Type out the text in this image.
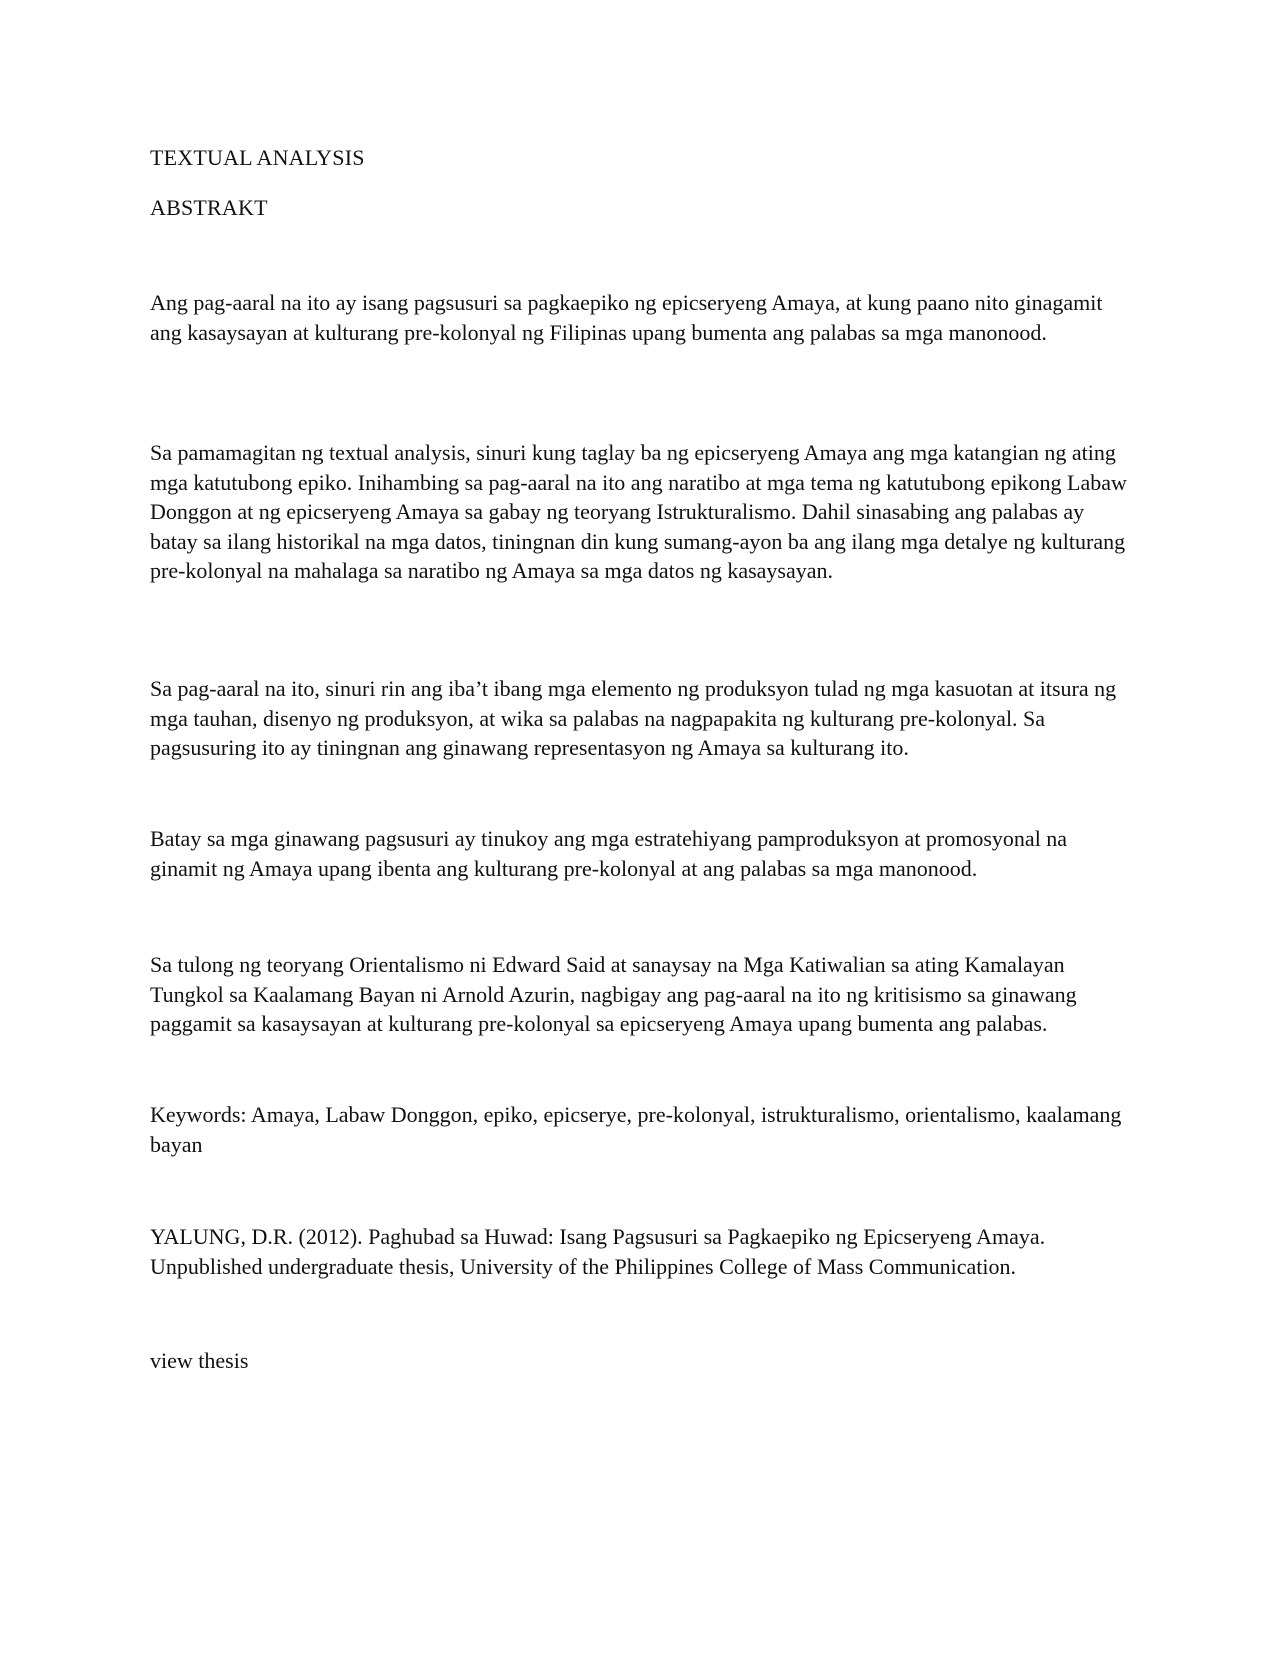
TEXTUAL ANALYSIS

ABSTRAKT

Ang pag-aaral na ito ay isang pagsusuri sa pagkaepiko ng epicseryeng Amaya, at kung paano nito ginagamit ang kasaysayan at kulturang pre-kolonyal ng Filipinas upang bumenta ang palabas sa mga manonood.

Sa pamamagitan ng textual analysis, sinuri kung taglay ba ng epicseryeng Amaya ang mga katangian ng ating mga katutubong epiko. Inihambing sa pag-aaral na ito ang naratibo at mga tema ng katutubong epikong Labaw Donggon at ng epicseryeng Amaya sa gabay ng teoryang Istrukturalismo. Dahil sinasabing ang palabas ay batay sa ilang historikal na mga datos, tiningnan din kung sumang-ayon ba ang ilang mga detalye ng kulturang pre-kolonyal na mahalaga sa naratibo ng Amaya sa mga datos ng kasaysayan.

Sa pag-aaral na ito, sinuri rin ang iba’t ibang mga elemento ng produksyon tulad ng mga kasuotan at itsura ng mga tauhan, disenyo ng produksyon, at wika sa palabas na nagpapakita ng kulturang pre-kolonyal. Sa pagsusuring ito ay tiningnan ang ginawang representasyon ng Amaya sa kulturang ito.

Batay sa mga ginawang pagsusuri ay tinukoy ang mga estratehiyang pamproduksyon at promosyonal na ginamit ng Amaya upang ibenta ang kulturang pre-kolonyal at ang palabas sa mga manonood.

Sa tulong ng teoryang Orientalismo ni Edward Said at sanaysay na Mga Katiwalian sa ating Kamalayan Tungkol sa Kaalamang Bayan ni Arnold Azurin, nagbigay ang pag-aaral na ito ng kritisismo sa ginawang paggamit sa kasaysayan at kulturang pre-kolonyal sa epicseryeng Amaya upang bumenta ang palabas.

Keywords: Amaya, Labaw Donggon, epiko, epicserye, pre-kolonyal, istrukturalismo, orientalismo, kaalamang bayan

YALUNG, D.R. (2012). Paghubad sa Huwad: Isang Pagsusuri sa Pagkaepiko ng Epicseryeng Amaya. Unpublished undergraduate thesis, University of the Philippines College of Mass Communication.

view thesis
